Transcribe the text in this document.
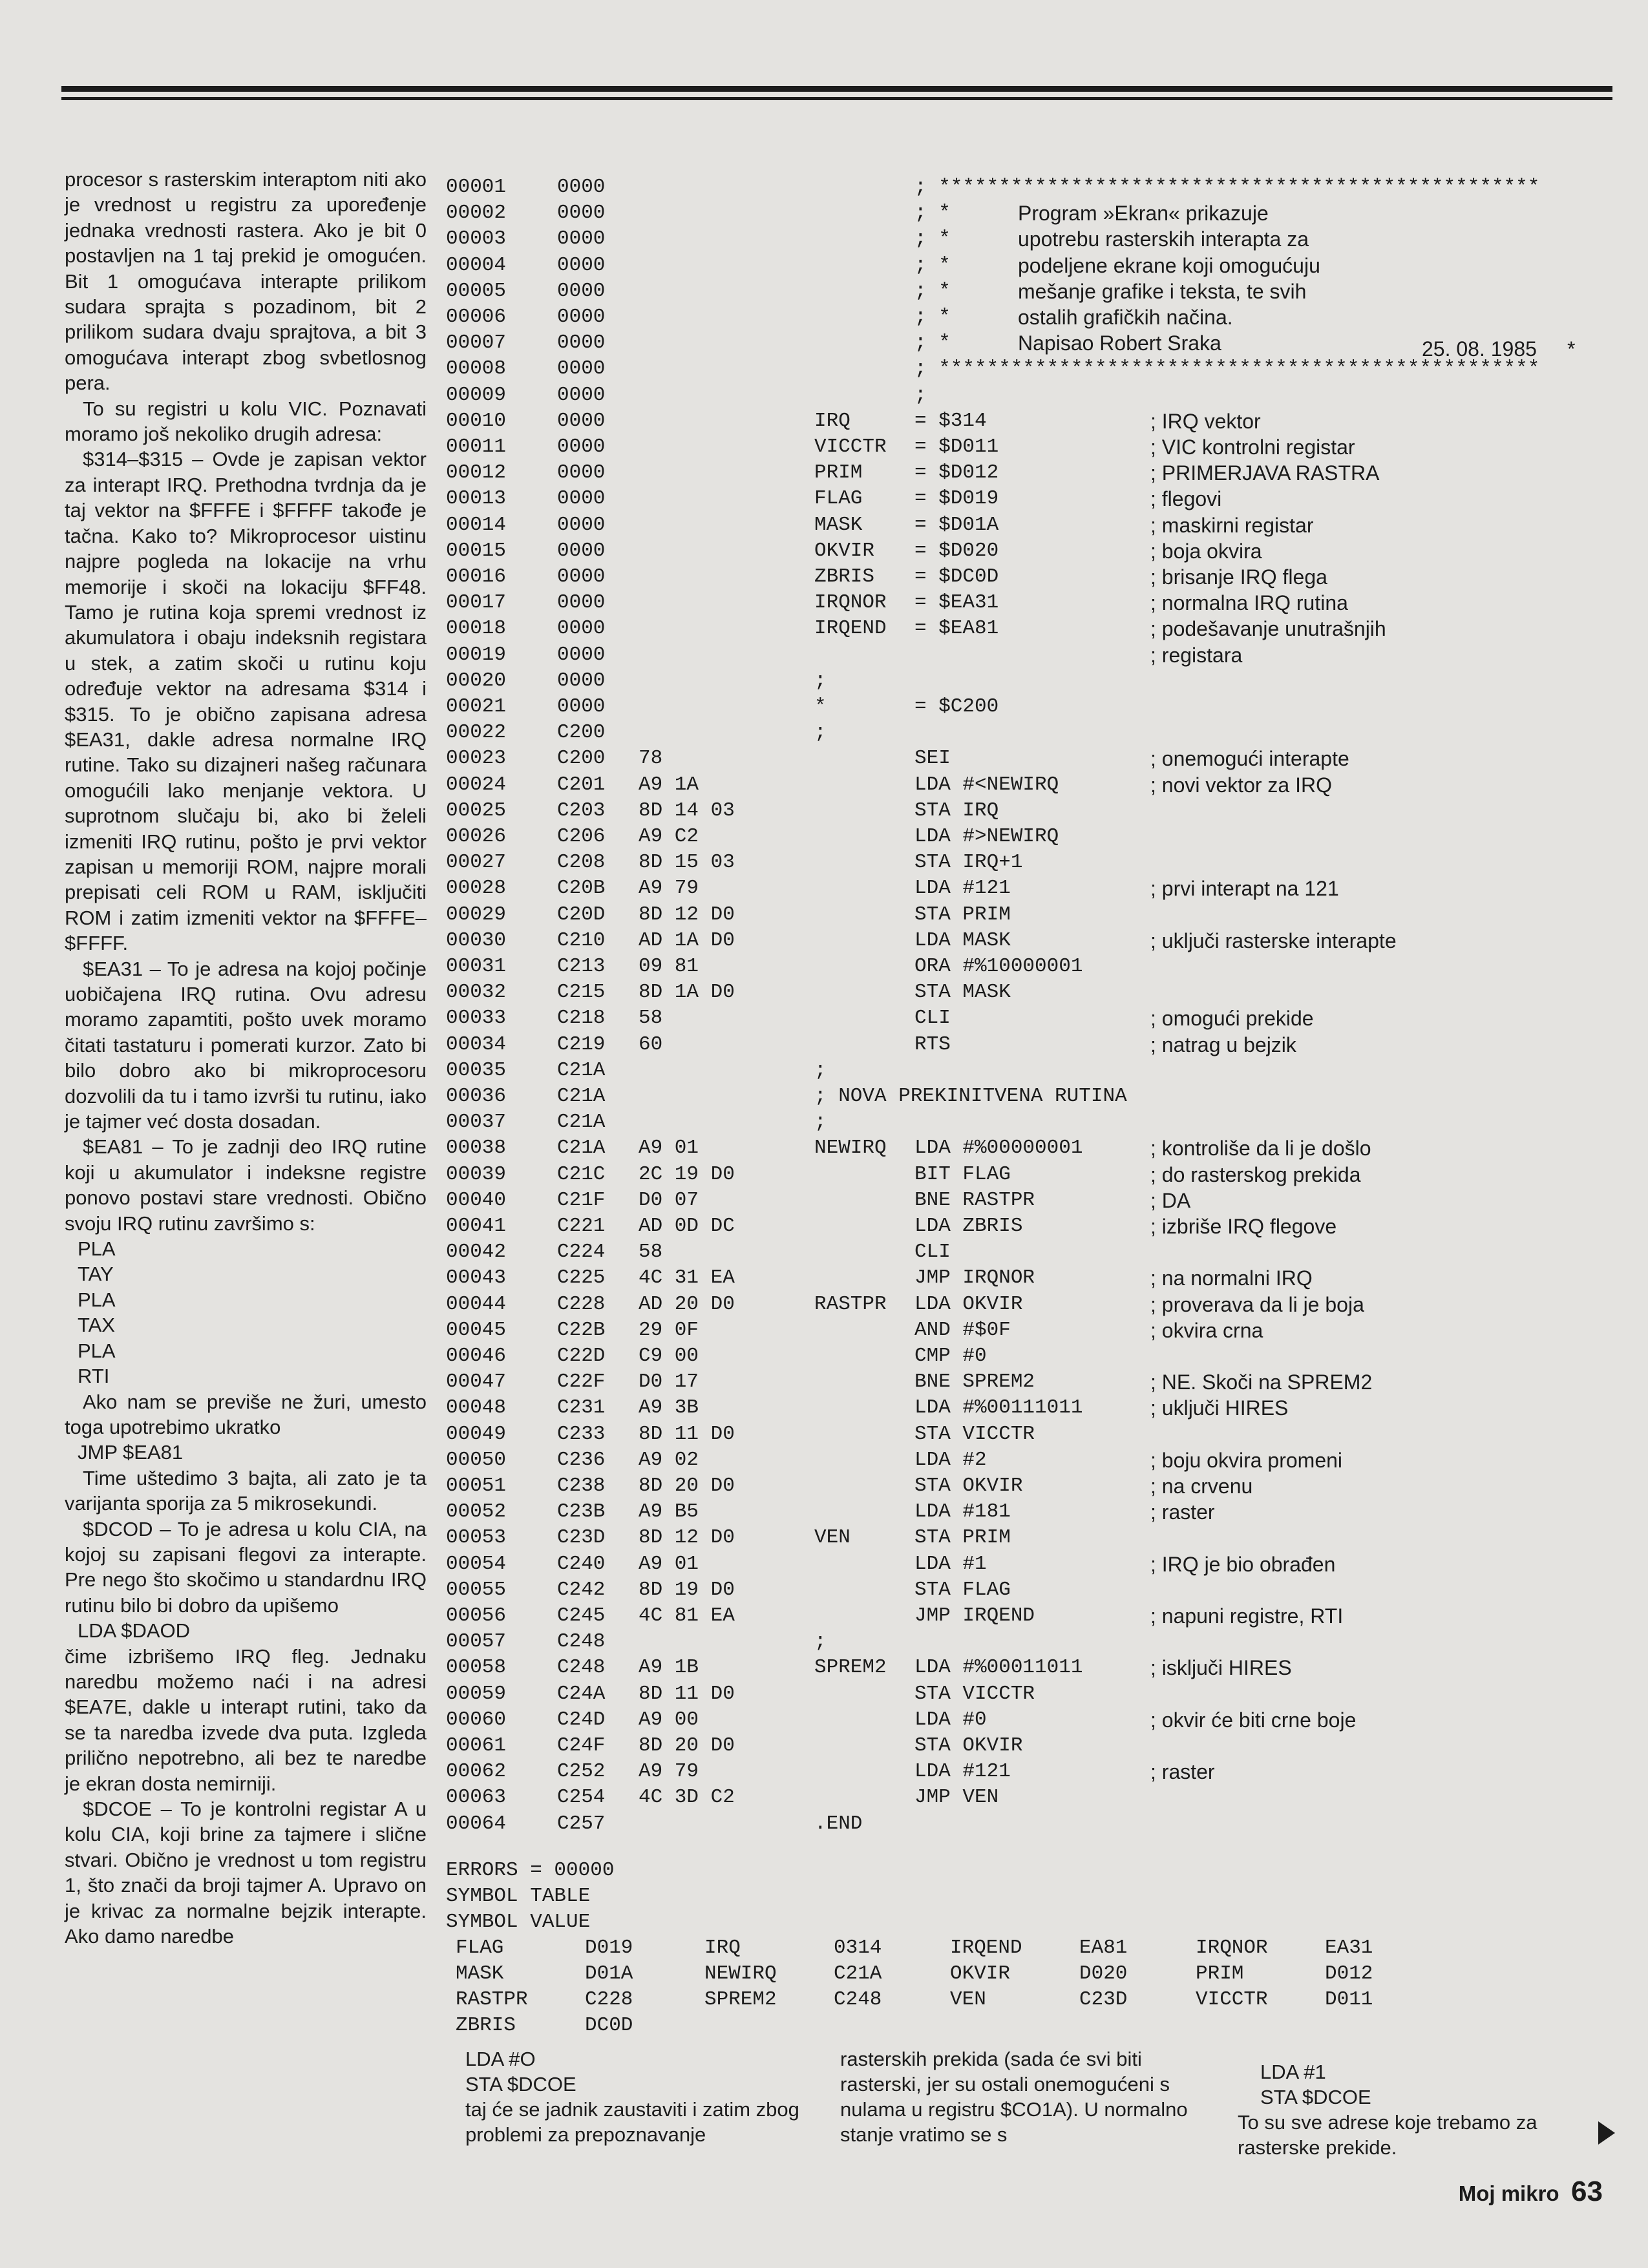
procesor s rasterskim interaptom niti ako je vrednost u registru za upoređenje jednaka vrednosti rastera. Ako je bit 0 postavljen na 1 taj prekid je omogućen. Bit 1 omogućava interapte prilikom sudara sprajta s pozadinom, bit 2 prilikom sudara dvaju sprajtova, a bit 3 omogućava interapt zbog svbetlosnog pera.

To su registri u kolu VIC. Poznavati moramo još nekoliko drugih adresa:

$314–$315 – Ovde je zapisan vektor za interapt IRQ. Prethodna tvrdnja da je taj vektor na $FFFE i $FFFF takođe je tačna. Kako to? Mikroprocesor uistinu najpre pogleda na lokacije na vrhu memorije i skoči na lokaciju $FF48. Tamo je rutina koja spremi vrednost iz akumulatora i obaju indeksnih registara u stek, a zatim skoči u rutinu koju određuje vektor na adresama $314 i $315. To je obično zapisana adresa $EA31, dakle adresa normalne IRQ rutine. Tako su dizajneri našeg računara omogućili lako menjanje vektora. U suprotnom slučaju bi, ako bi želeli izmeniti IRQ rutinu, pošto je prvi vektor zapisan u memoriji ROM, najpre morali prepisati celi ROM u RAM, isključiti ROM i zatim izmeniti vektor na $FFFE–$FFFF.

$EA31 – To je adresa na kojoj počinje uobičajena IRQ rutina. Ovu adresu moramo zapamtiti, pošto uvek moramo čitati tastaturu i pomerati kurzor. Zato bi bilo dobro ako bi mikroprocesoru dozvolili da tu i tamo izvrši tu rutinu, iako je tajmer već dosta dosadan.

$EA81 – To je zadnji deo IRQ rutine koji u akumulator i indeksne registre ponovo postavi stare vrednosti. Obično svoju IRQ rutinu završimo s:

PLA

TAY

PLA

TAX

PLA

RTI

Ako nam se previše ne žuri, umesto toga upotrebimo ukratko

JMP $EA81

Time uštedimo 3 bajta, ali zato je ta varijanta sporija za 5 mikrosekundi.

$DCOD – To je adresa u kolu CIA, na kojoj su zapisani flegovi za interapte. Pre nego što skočimo u standardnu IRQ rutinu bilo bi dobro da upišemo

LDA $DAOD

čime izbrišemo IRQ fleg. Jednaku naredbu možemo naći i na adresi $EA7E, dakle u interapt rutini, tako da se ta naredba izvede dva puta. Izgleda prilično nepotrebno, ali bez te naredbe je ekran dosta nemirniji.

$DCOE – To je kontrolni registar A u kolu CIA, koji brine za tajmere i slične stvari. Obično je vrednost u tom registru 1, što znači da broji tajmer A. Upravo on je krivac za normalne bejzik interapte. Ako damo naredbe

25. 08. 1985 *
00001	0000	; **************************************************
00002	0000	; *	Program »Ekran« prikazuje
00003	0000	; *	upotrebu rasterskih interapta za
00004	0000	; *	podeljene ekrane koji omogućuju
00005	0000	; *	mešanje grafike i teksta, te svih
00006	0000	; *	ostalih grafičkih načina.
00007	0000	; *	Napisao Robert Sraka
00008	0000	; **************************************************
00009	0000	;
00010	0000	IRQ	= $314	; IRQ vektor
00011	0000	VICCTR = $D011	; VIC kontrolni registar
00012	0000	PRIM	= $D012	; PRIMERJAVA RASTRA
00013	0000	FLAG	= $D019	; flegovi
00014	0000	MASK	= $D01A	; maskirni registar
00015	0000	OKVIR = $D020	; boja okvira
00016	0000	ZBRIS = $DC0D	; brisanje IRQ flega
00017	0000	IRQNOR = $EA31	; normalna IRQ rutina
00018	0000	IRQEND = $EA81	; podešavanje unutrašnjih
00019	0000	; registara
00020	0000	;
00021	0000	*	= $C200
00022	C200	;
00023	C200 78	SEI	; onemogući interapte
00024	C201 A9 1A	LDA #<NEWIRQ	; novi vektor za IRQ
00025	C203 8D 14 03	STA IRQ
00026	C206 A9 C2	LDA #>NEWIRQ
00027	C208 8D 15 03	STA IRQ+1
00028	C20B A9 79	LDA #121	; prvi interapt na 121
00029	C20D 8D 12 D0	STA PRIM
00030	C210 AD 1A D0	LDA MASK	; uključi rasterske interapte
00031	C213 09 81	ORA #%10000001
00032	C215 8D 1A D0	STA MASK
00033	C218 58	CLI	; omogući prekide
00034	C219 60	RTS	; natrag u bejzik
00035	C21A	;
00036	C21A	; NOVA PREKINITVENA RUTINA
00037	C21A	;
00038	C21A A9 01	NEWIRQ LDA #%00000001	; kontroliše da li je došlo
00039	C21C 2C 19 D0	BIT FLAG	; do rasterskog prekida
00040	C21F D0 07	BNE RASTPR	; DA
00041	C221 AD 0D DC	LDA ZBRIS	; izbriše IRQ flegove
00042	C224 58	CLI
00043	C225 4C 31 EA	JMP IRQNOR	; na normalni IRQ
00044	C228 AD 20 D0	RASTPR LDA OKVIR	; proverava da li je boja
00045	C22B 29 0F	AND #$0F	; okvira crna
00046	C22D C9 00	CMP #0
00047	C22F D0 17	BNE SPREM2	; NE. Skoči na SPREM2
00048	C231 A9 3B	LDA #%00111011	; uključi HIRES
00049	C233 8D 11 D0	STA VICCTR
00050	C236 A9 02	LDA #2	; boju okvira promeni
00051	C238 8D 20 D0	STA OKVIR	; na crvenu
00052	C23B A9 B5	LDA #181	; raster
00053	C23D 8D 12 D0	VEN	STA PRIM
00054	C240 A9 01	LDA #1	; IRQ je bio obrađen
00055	C242 8D 19 D0	STA FLAG
00056	C245 4C 81 EA	JMP IRQEND	; napuni registre, RTI
00057	C248	;
00058	C248 A9 1B	SPREM2 LDA #%00011011	; isključi HIRES
00059	C24A 8D 11 D0	STA VICCTR
00060	C24D A9 00	LDA #0	; okvir će biti crne boje
00061	C24F 8D 20 D0	STA OKVIR
00062	C252 A9 79	LDA #121	; raster
00063	C254 4C 3D C2	JMP VEN
00064	C257	.END
ERRORS = 00000
SYMBOL TABLE
SYMBOL VALUE
FLAG	D019	IRQ	0314	IRQEND	EA81	IRQNOR	EA31
MASK	D01A	NEWIRQ	C21A	OKVIR	D020	PRIM	D012
RASTPR	C228	SPREM2	C248	VEN	C23D	VICCTR	D011
ZBRIS	DC0D

LDA #O

STA $DCOE

taj će se jadnik zaustaviti i zatim zbog problemi za prepoznavanje

rasterskih prekida (sada će svi biti rasterski, jer su ostali onemogućeni s nulama u registru $CO1A). U normalno stanje vratimo se s

LDA #1

STA $DCOE

To su sve adrese koje trebamo za rasterske prekide.

Moj mikro 63
